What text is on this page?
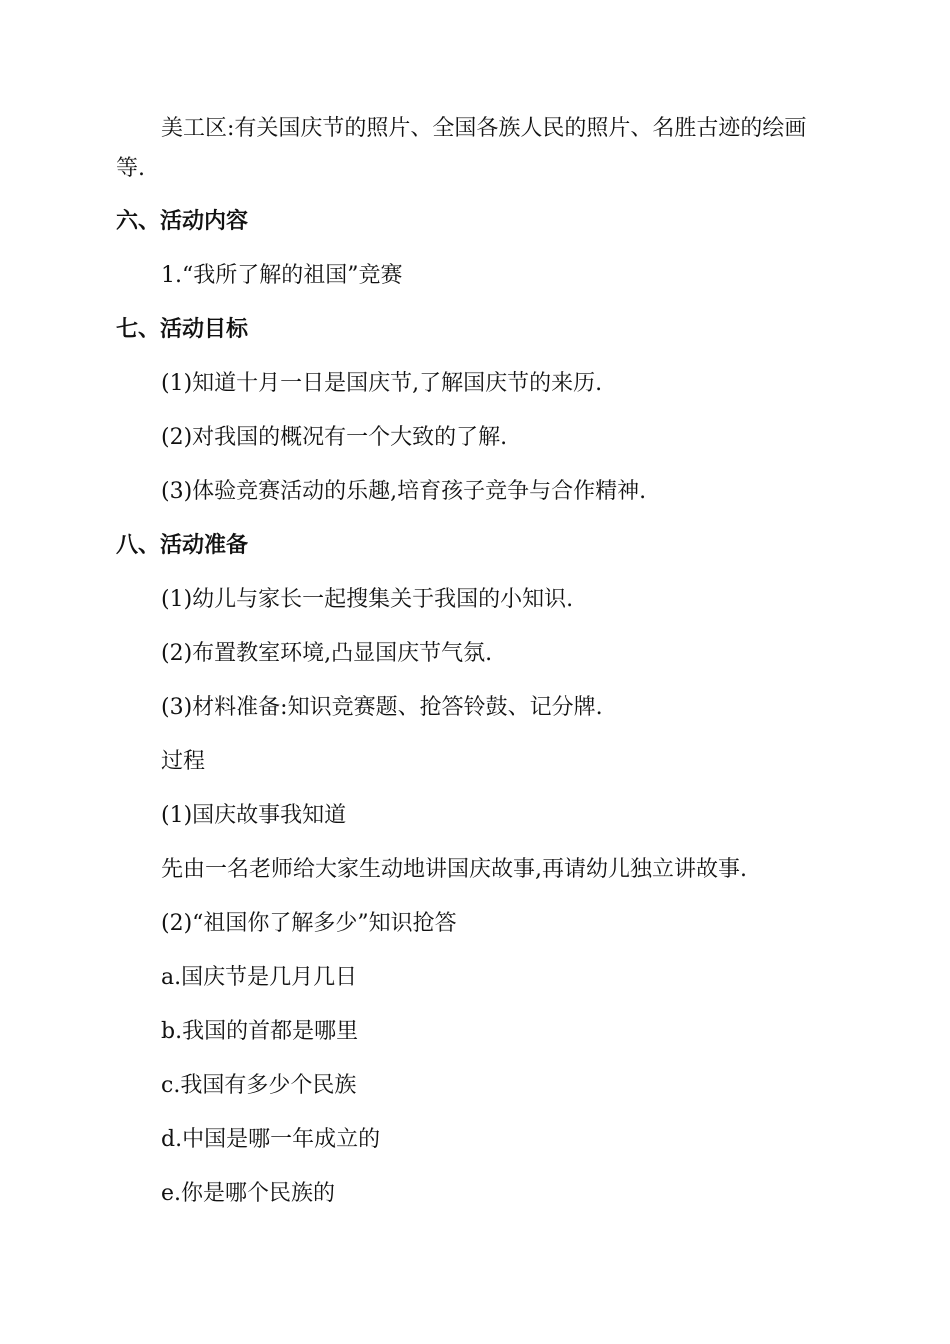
美工区:有关国庆节的照片、全国各族人民的照片、名胜古迹的绘画
等.
六、活动内容
1.“我所了解的祖国”竞赛
七、活动目标
(1)知道十月一日是国庆节,了解国庆节的来历.
(2)对我国的概况有一个大致的了解.
(3)体验竞赛活动的乐趣,培育孩子竞争与合作精神.
八、活动准备
(1)幼儿与家长一起搜集关于我国的小知识.
(2)布置教室环境,凸显国庆节气氛.
(3)材料准备:知识竞赛题、抢答铃鼓、记分牌.
过程
(1)国庆故事我知道
先由一名老师给大家生动地讲国庆故事,再请幼儿独立讲故事.
(2)“祖国你了解多少”知识抢答
a.国庆节是几月几日
b.我国的首都是哪里
c.我国有多少个民族
d.中国是哪一年成立的
e.你是哪个民族的
